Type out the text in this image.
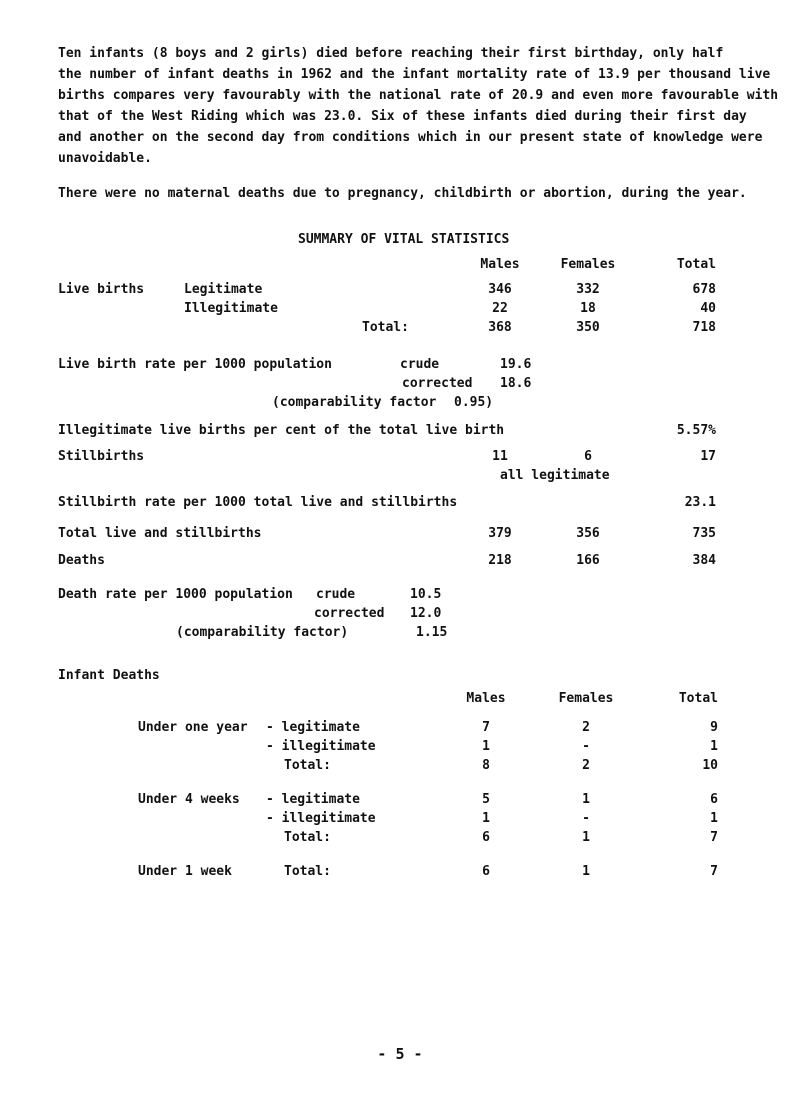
Ten infants (8 boys and 2 girls) died before reaching their first birthday, only half
the number of infant deaths in 1962 and the infant mortality rate of 13.9 per thousand live
births compares very favourably with the national rate of 20.9 and even more favourable with
that of the West Riding which was 23.0. Six of these infants died during their first day
and another on the second day from conditions which in our present state of knowledge were
unavoidable.
There were no maternal deaths due to pregnancy, childbirth or abortion, during the year.
SUMMARY OF VITAL STATISTICS
Males	Females	Total
Live births	Legitimate	346	332	678
Illegitimate	22	18	40
Total:	368	350	718
Live birth rate per 1000 population	crude	19.6
corrected 18.6
(comparability factor 0.95)
Illegitimate live births per cent of the total live birth	5.57%
Stillbirths	11	6	17
all legitimate
Stillbirth rate per 1000 total live and stillbirths	23.1
Total live and stillbirths	379	356	735
Deaths	218	166	384
Death rate per 1000 population crude	10.5
corrected 12.0
(comparability factor)	1.15
Infant Deaths
Males	Females	Total
Under one year - legitimate	7	2	9
- illegitimate	1	-	1
Total:	8	2	10
Under 4 weeks - legitimate	5	1	6
- illegitimate	1	-	1
Total:	6	1	7
Under 1 week	Total:	6	1	7
- 5 -
